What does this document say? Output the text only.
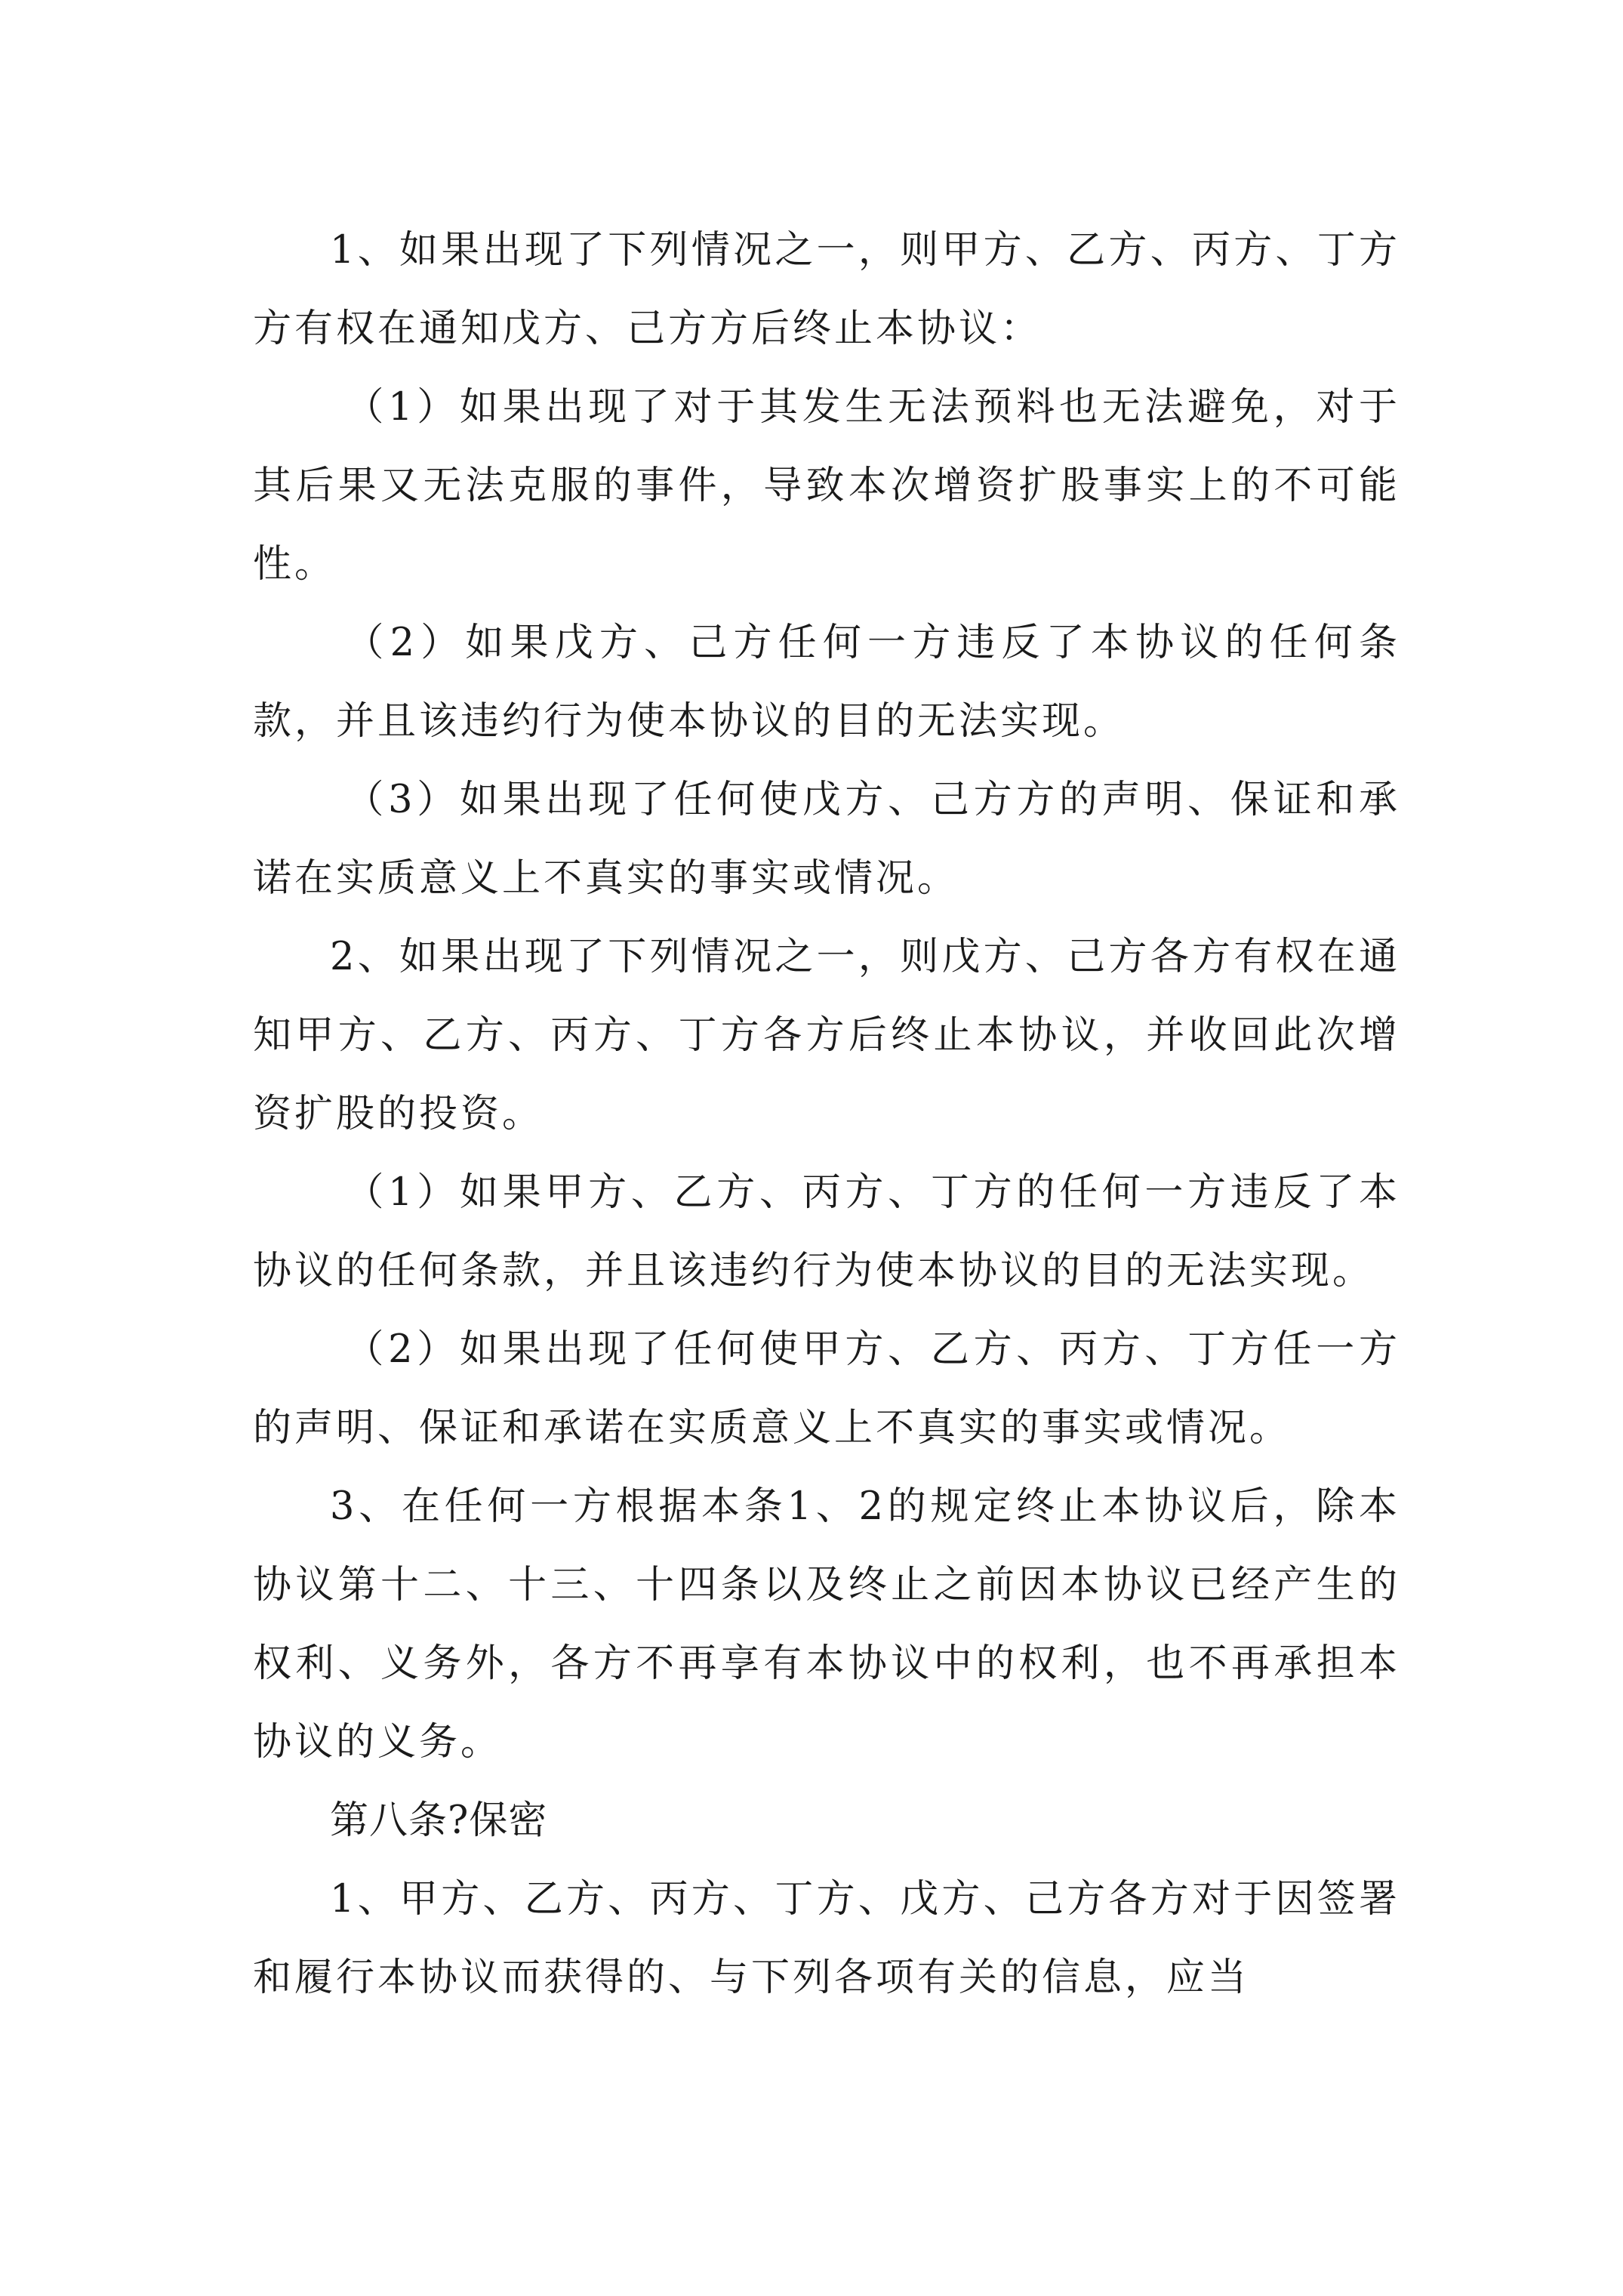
1、如果出现了下列情况之一，则甲方、乙方、丙方、丁方方有权在通知戊方、己方方后终止本协议：

（1）如果出现了对于其发生无法预料也无法避免，对于其后果又无法克服的事件，导致本次增资扩股事实上的不可能性。

（2）如果戊方、己方任何一方违反了本协议的任何条款，并且该违约行为使本协议的目的无法实现。

（3）如果出现了任何使戊方、己方方的声明、保证和承诺在实质意义上不真实的事实或情况。

2、如果出现了下列情况之一，则戊方、己方各方有权在通知甲方、乙方、丙方、丁方各方后终止本协议，并收回此次增资扩股的投资。

（1）如果甲方、乙方、丙方、丁方的任何一方违反了本协议的任何条款，并且该违约行为使本协议的目的无法实现。

（2）如果出现了任何使甲方、乙方、丙方、丁方任一方的声明、保证和承诺在实质意义上不真实的事实或情况。

3、在任何一方根据本条1、2的规定终止本协议后，除本协议第十二、十三、十四条以及终止之前因本协议已经产生的权利、义务外，各方不再享有本协议中的权利，也不再承担本协议的义务。

第八条?保密

1、甲方、乙方、丙方、丁方、戊方、己方各方对于因签署和履行本协议而获得的、与下列各项有关的信息，应当
